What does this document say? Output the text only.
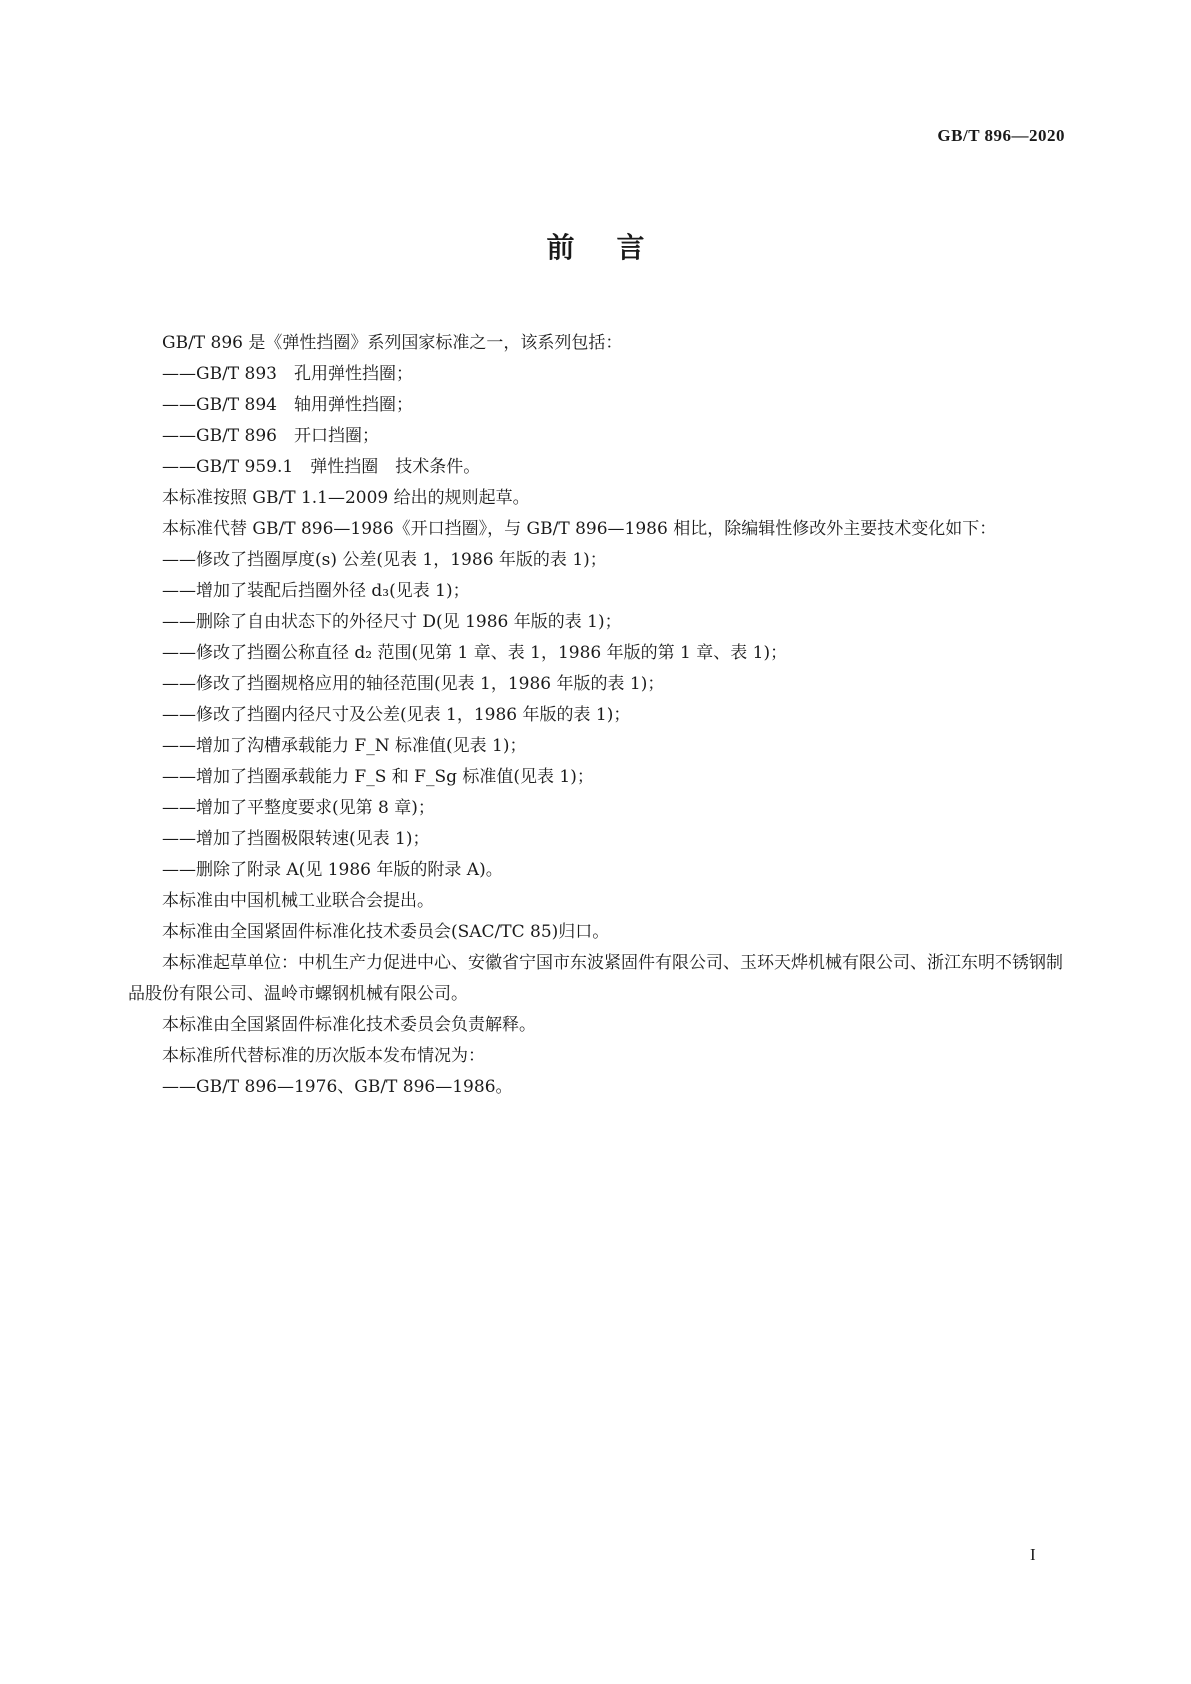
GB/T 896—2020
前言

GB/T 896 是《弹性挡圈》系列国家标准之一，该系列包括：

——GB/T 893　孔用弹性挡圈；

——GB/T 894　轴用弹性挡圈；

——GB/T 896　开口挡圈；

——GB/T 959.1　弹性挡圈　技术条件。

本标准按照 GB/T 1.1—2009 给出的规则起草。

本标准代替 GB/T 896—1986《开口挡圈》，与 GB/T 896—1986 相比，除编辑性修改外主要技术变化如下：

——修改了挡圈厚度(s) 公差(见表 1，1986 年版的表 1)；

——增加了装配后挡圈外径 d₃(见表 1)；

——删除了自由状态下的外径尺寸 D(见 1986 年版的表 1)；

——修改了挡圈公称直径 d₂ 范围(见第 1 章、表 1，1986 年版的第 1 章、表 1)；

——修改了挡圈规格应用的轴径范围(见表 1，1986 年版的表 1)；

——修改了挡圈内径尺寸及公差(见表 1，1986 年版的表 1)；

——增加了沟槽承载能力 F_N 标准值(见表 1)；

——增加了挡圈承载能力 F_S 和 F_Sg 标准值(见表 1)；

——增加了平整度要求(见第 8 章)；

——增加了挡圈极限转速(见表 1)；

——删除了附录 A(见 1986 年版的附录 A)。

本标准由中国机械工业联合会提出。

本标准由全国紧固件标准化技术委员会(SAC/TC 85)归口。

本标准起草单位：中机生产力促进中心、安徽省宁国市东波紧固件有限公司、玉环天烨机械有限公司、浙江东明不锈钢制品股份有限公司、温岭市螺钢机械有限公司。

本标准由全国紧固件标准化技术委员会负责解释。

本标准所代替标准的历次版本发布情况为：

——GB/T 896—1976、GB/T 896—1986。

I
